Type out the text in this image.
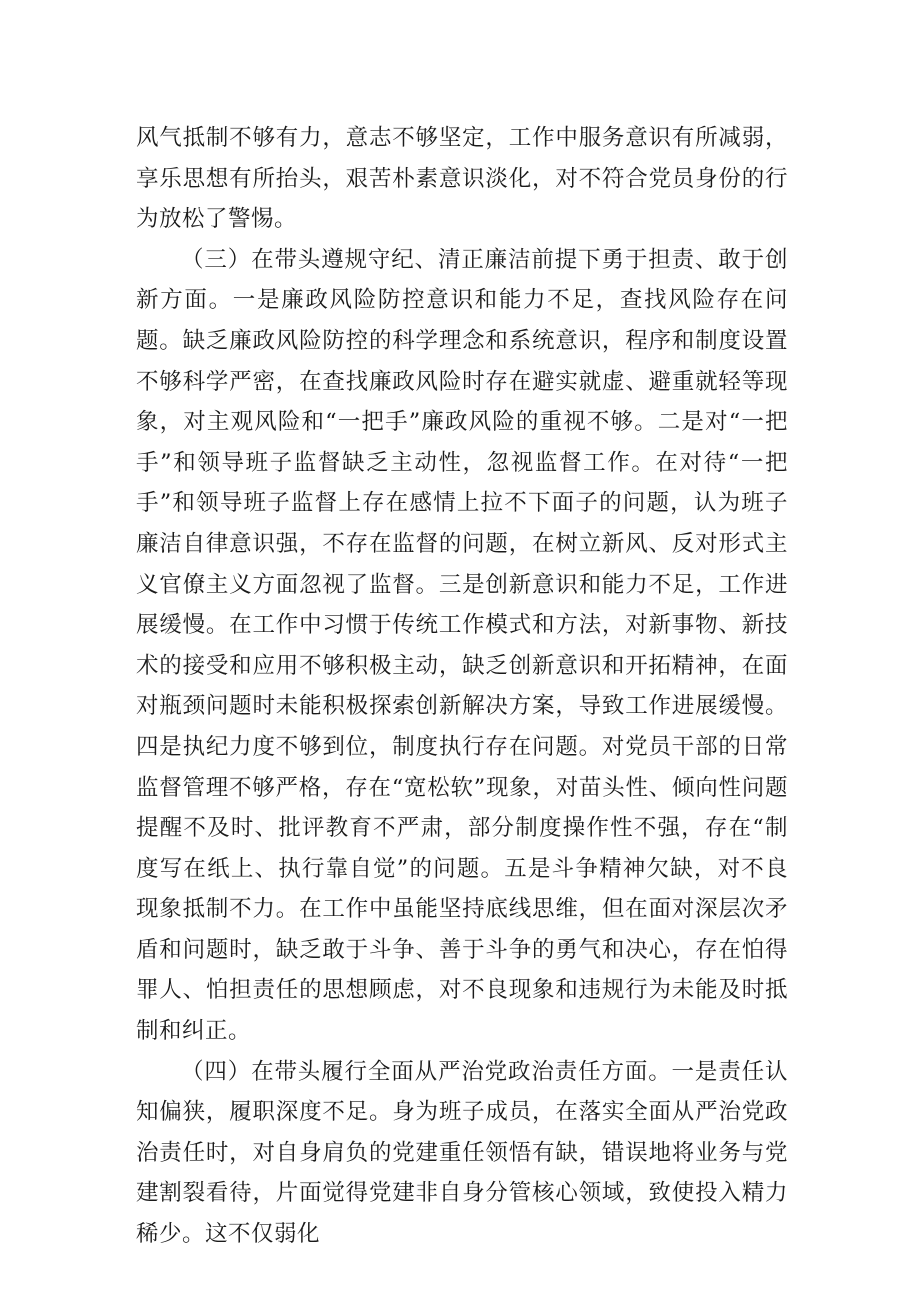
风气抵制不够有力，意志不够坚定，工作中服务意识有所减弱，享乐思想有所抬头，艰苦朴素意识淡化，对不符合党员身份的行为放松了警惕。

（三）在带头遵规守纪、清正廉洁前提下勇于担责、敢于创新方面。一是廉政风险防控意识和能力不足，查找风险存在问题。缺乏廉政风险防控的科学理念和系统意识，程序和制度设置不够科学严密，在查找廉政风险时存在避实就虚、避重就轻等现象，对主观风险和“一把手”廉政风险的重视不够。二是对“一把手”和领导班子监督缺乏主动性，忽视监督工作。在对待“一把手”和领导班子监督上存在感情上拉不下面子的问题，认为班子廉洁自律意识强，不存在监督的问题，在树立新风、反对形式主义官僚主义方面忽视了监督。三是创新意识和能力不足，工作进展缓慢。在工作中习惯于传统工作模式和方法，对新事物、新技术的接受和应用不够积极主动，缺乏创新意识和开拓精神，在面对瓶颈问题时未能积极探索创新解决方案，导致工作进展缓慢。四是执纪力度不够到位，制度执行存在问题。对党员干部的日常监督管理不够严格，存在“宽松软”现象，对苗头性、倾向性问题提醒不及时、批评教育不严肃，部分制度操作性不强，存在“制度写在纸上、执行靠自觉”的问题。五是斗争精神欠缺，对不良现象抵制不力。在工作中虽能坚持底线思维，但在面对深层次矛盾和问题时，缺乏敢于斗争、善于斗争的勇气和决心，存在怕得罪人、怕担责任的思想顾虑，对不良现象和违规行为未能及时抵制和纠正。

（四）在带头履行全面从严治党政治责任方面。一是责任认知偏狭，履职深度不足。身为班子成员，在落实全面从严治党政治责任时，对自身肩负的党建重任领悟有缺，错误地将业务与党建割裂看待，片面觉得党建非自身分管核心领域，致使投入精力稀少。这不仅弱化
